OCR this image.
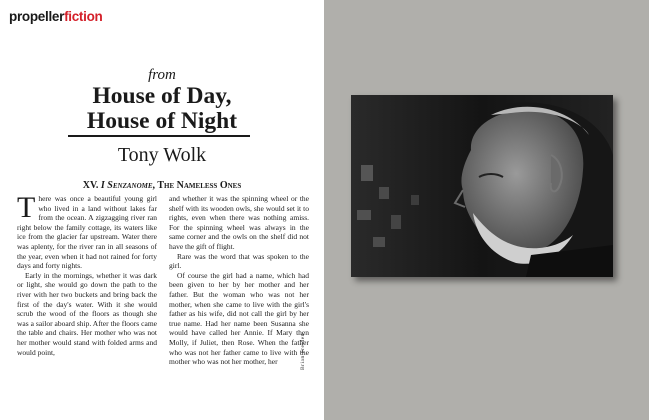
propellerfiction
from
House of Day,
House of Night
Tony Wolk
XV. I Senzanome, The Nameless Ones

There was once a beautiful young girl who lived in a land without lakes far from the ocean. A zigzagging river ran right below the family cottage, its waters like ice from the glacier far upstream. Water there was aplenty, for the river ran in all seasons of the year, even when it had not rained for forty days and forty nights.

Early in the mornings, whether it was dark or light, she would go down the path to the river with her two buckets and bring back the first of the day's water. With it she would scrub the wood of the floors as though she was a sailor aboard ship. After the floors came the table and chairs. Her mother who was not her mother would stand with folded arms and would point,

and whether it was the spinning wheel or the shelf with its wooden owls, she would set it to rights, even when there was nothing amiss. For the spinning wheel was always in the same corner and the owls on the shelf did not have the gift of flight.

Rare was the word that was spoken to the girl.

Of course the girl had a name, which had been given to her by her mother and her father. But the woman who was not her mother, when she came to live with the girl's father as his wife, did not call the girl by her true name. Had her name been Susanna she would have called her Annie. If Mary then Molly, if Juliet, then Rose. When the father who was not her father came to live with the mother who was not her mother, her	Brian Freiden
